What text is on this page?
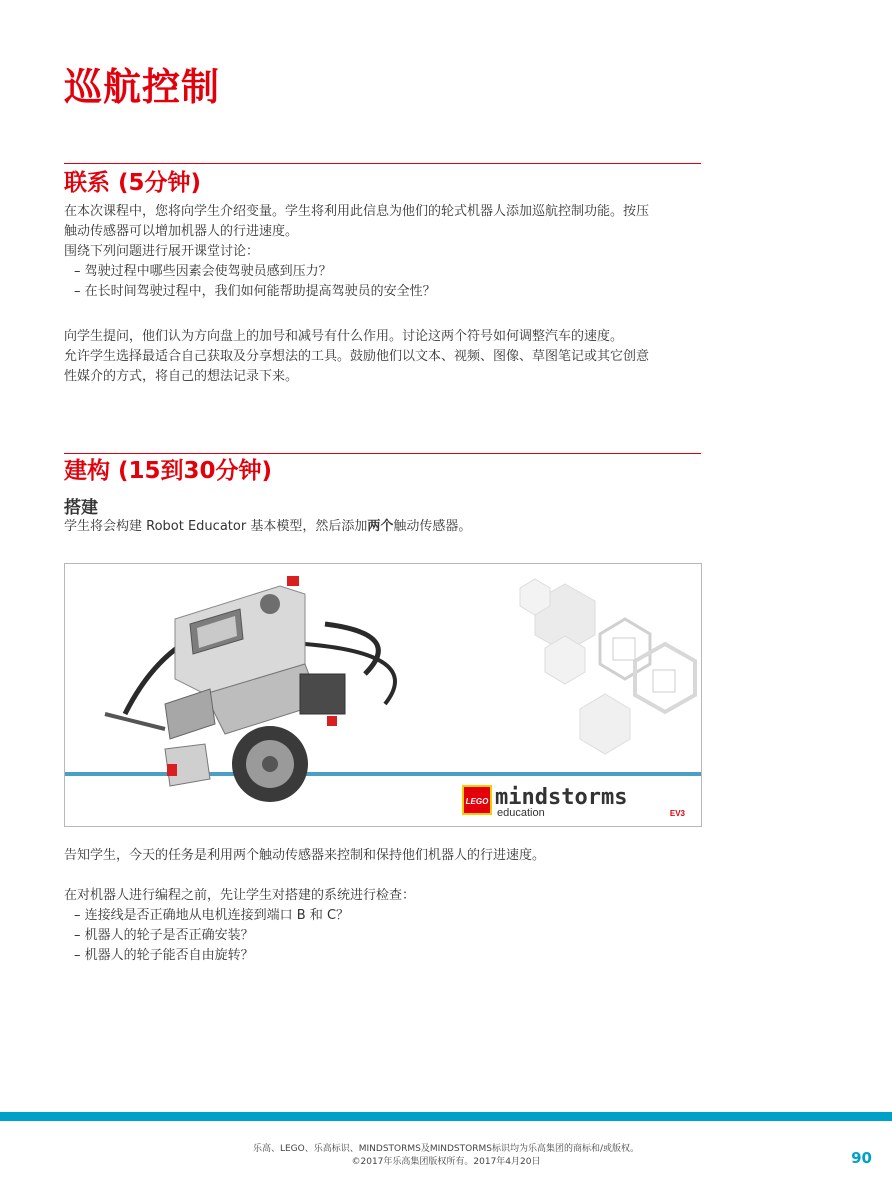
巡航控制
联系 (5分钟)

在本次课程中，您将向学生介绍变量。学生将利用此信息为他们的轮式机器人添加巡航控制功能。按压

触动传感器可以增加机器人的行进速度。

围绕下列问题进行展开课堂讨论：

– 驾驶过程中哪些因素会使驾驶员感到压力？

– 在长时间驾驶过程中，我们如何能帮助提高驾驶员的安全性？

向学生提问，他们认为方向盘上的加号和减号有什么作用。讨论这两个符号如何调整汽车的速度。

允许学生选择最适合自己获取及分享想法的工具。鼓励他们以文本、视频、图像、草图笔记或其它创意

性媒介的方式，将自己的想法记录下来。

建构 (15到30分钟)
搭建

学生将会构建 Robot Educator 基本模型，然后添加两个触动传感器。

LEGO mindstorms
education	EV3

告知学生，今天的任务是利用两个触动传感器来控制和保持他们机器人的行进速度。

在对机器人进行编程之前，先让学生对搭建的系统进行检查：

– 连接线是否正确地从电机连接到端口 B 和 C？

– 机器人的轮子是否正确安装？

– 机器人的轮子能否自由旋转？

乐高、LEGO、乐高标识、MINDSTORMS及MINDSTORMS标识均为乐高集团的商标和/或版权。
©2017年乐高集团版权所有。2017年4月20日	90
